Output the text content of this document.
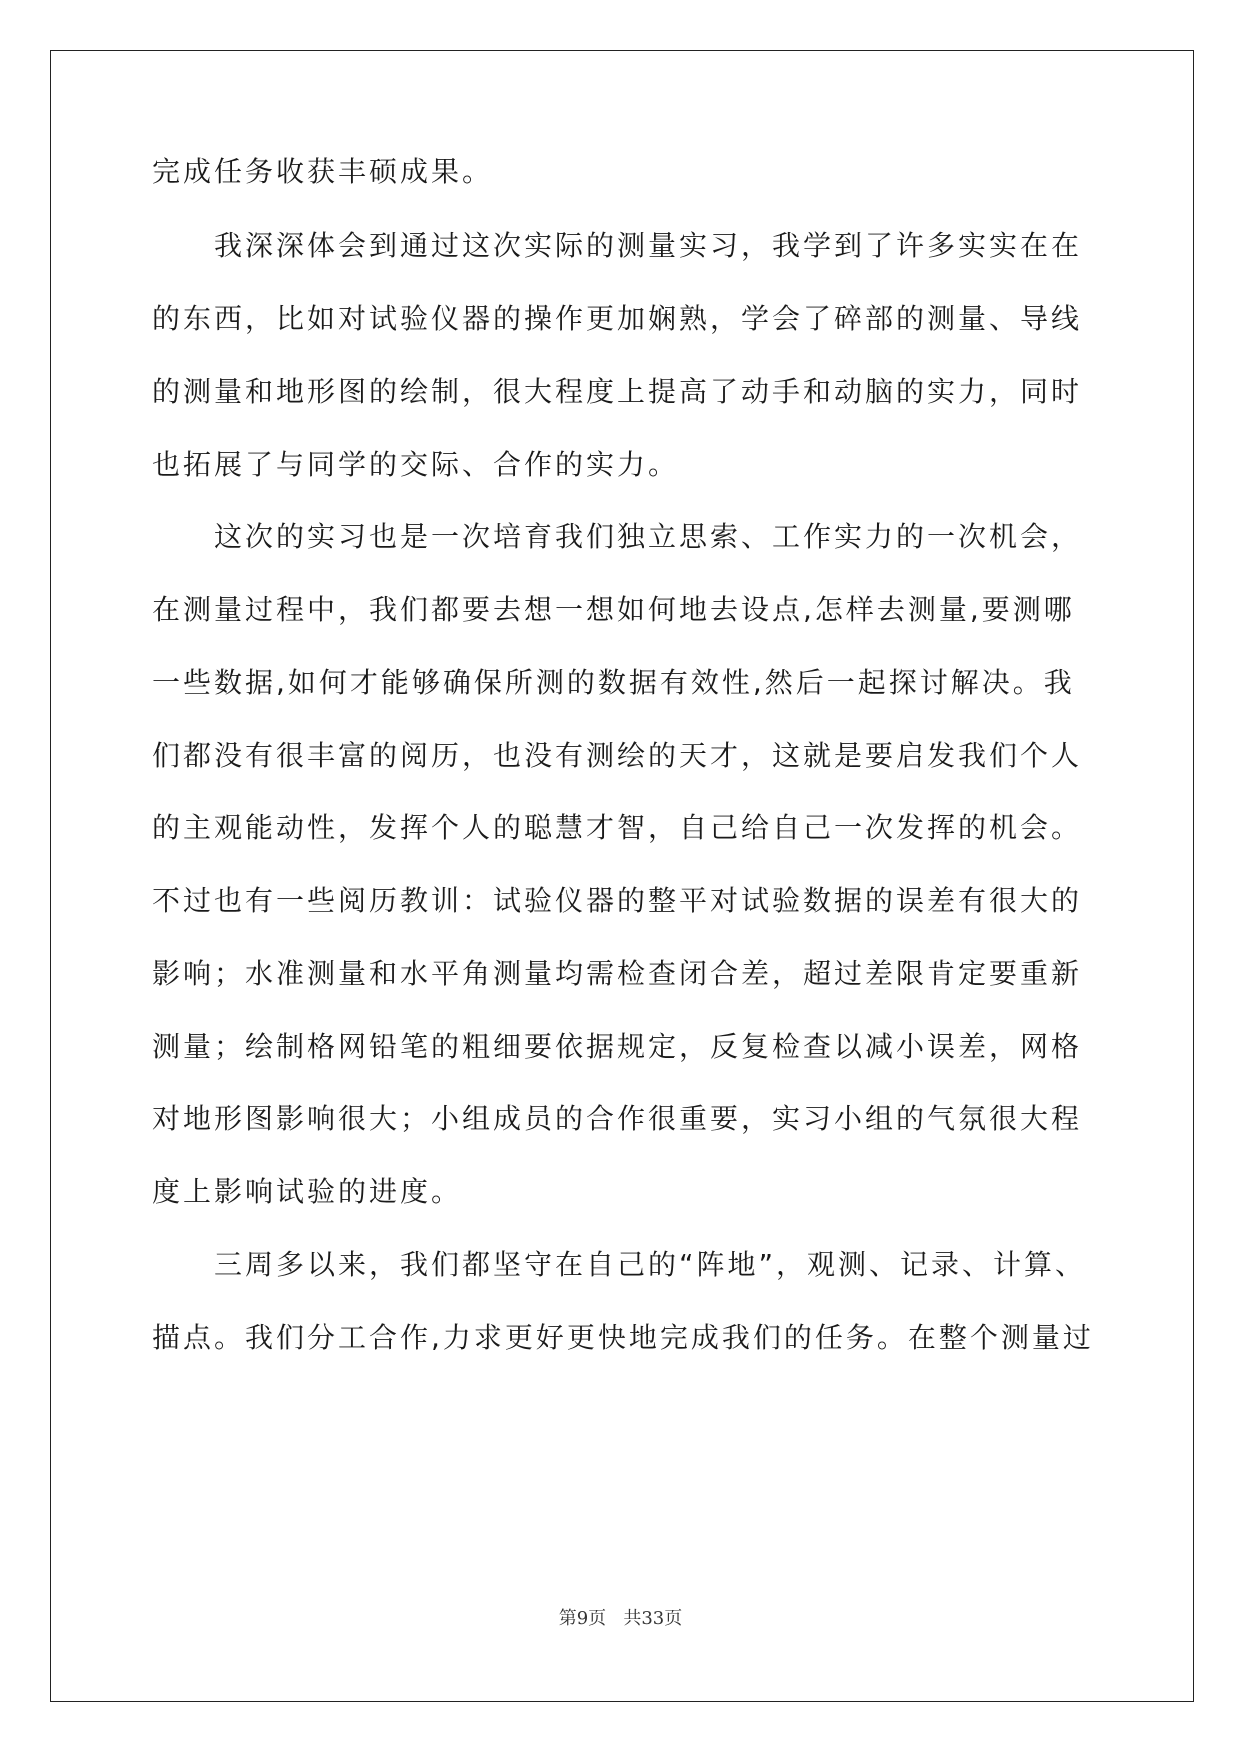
完成任务收获丰硕成果。
我深深体会到通过这次实际的测量实习，我学到了许多实实在在
的东西，比如对试验仪器的操作更加娴熟，学会了碎部的测量、导线
的测量和地形图的绘制，很大程度上提高了动手和动脑的实力，同时
也拓展了与同学的交际、合作的实力。
这次的实习也是一次培育我们独立思索、工作实力的一次机会，
在测量过程中，我们都要去想一想如何地去设点,怎样去测量,要测哪
一些数据,如何才能够确保所测的数据有效性,然后一起探讨解决。我
们都没有很丰富的阅历，也没有测绘的天才，这就是要启发我们个人
的主观能动性，发挥个人的聪慧才智，自己给自己一次发挥的机会。
不过也有一些阅历教训：试验仪器的整平对试验数据的误差有很大的
影响；水准测量和水平角测量均需检查闭合差，超过差限肯定要重新
测量；绘制格网铅笔的粗细要依据规定，反复检查以减小误差，网格
对地形图影响很大；小组成员的合作很重要，实习小组的气氛很大程
度上影响试验的进度。
三周多以来，我们都坚守在自己的“阵地”，观测、记录、计算、
描点。我们分工合作,力求更好更快地完成我们的任务。在整个测量过
第9页   共33页
